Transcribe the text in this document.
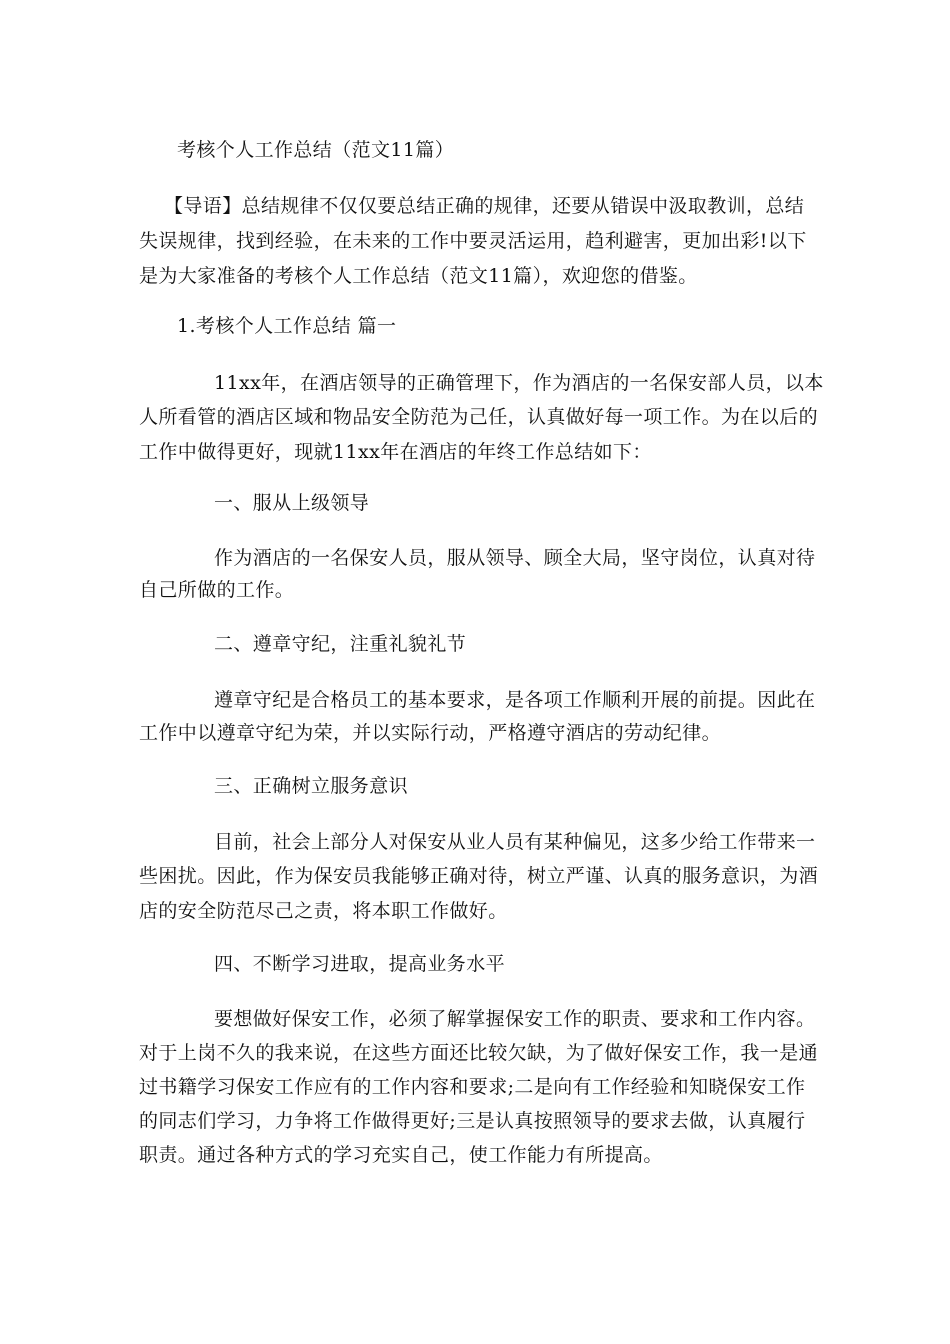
考核个人工作总结（范文11篇）
【导语】总结规律不仅仅要总结正确的规律，还要从错误中汲取教训，总结
失误规律，找到经验，在未来的工作中要灵活运用，趋利避害，更加出彩!以下
是为大家准备的考核个人工作总结（范文11篇），欢迎您的借鉴。
1.考核个人工作总结 篇一
11xx年，在酒店领导的正确管理下，作为酒店的一名保安部人员，以本
人所看管的酒店区域和物品安全防范为己任，认真做好每一项工作。为在以后的
工作中做得更好，现就11xx年在酒店的年终工作总结如下：
一、服从上级领导
作为酒店的一名保安人员，服从领导、顾全大局，坚守岗位，认真对待
自己所做的工作。
二、遵章守纪，注重礼貌礼节
遵章守纪是合格员工的基本要求，是各项工作顺利开展的前提。因此在
工作中以遵章守纪为荣，并以实际行动，严格遵守酒店的劳动纪律。
三、正确树立服务意识
目前，社会上部分人对保安从业人员有某种偏见，这多少给工作带来一
些困扰。因此，作为保安员我能够正确对待，树立严谨、认真的服务意识，为酒
店的安全防范尽己之责，将本职工作做好。
四、不断学习进取，提高业务水平
要想做好保安工作，必须了解掌握保安工作的职责、要求和工作内容。
对于上岗不久的我来说，在这些方面还比较欠缺，为了做好保安工作，我一是通
过书籍学习保安工作应有的工作内容和要求;二是向有工作经验和知晓保安工作
的同志们学习，力争将工作做得更好;三是认真按照领导的要求去做，认真履行
职责。通过各种方式的学习充实自己，使工作能力有所提高。
